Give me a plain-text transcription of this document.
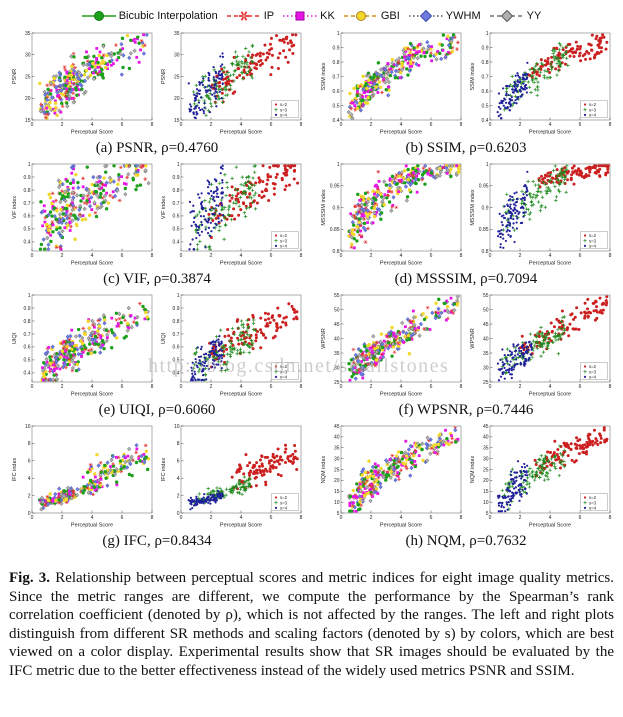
Bicubic Interpolation	IP	KK	GBI	YWHM	YY
(a) PSNR, ρ=0.4760	(b) SSIM, ρ=0.6203
(c) VIF, ρ=0.3874	(d) MSSSIM, ρ=0.7094
(e) UIQI, ρ=0.6060	(f) WPSNR, ρ=0.7446
(g) IFC, ρ=0.8434	(h) NQM, ρ=0.7632
http://blog.csdn.net/smallstones

Fig. 3. Relationship between perceptual scores and metric indices for eight image quality metrics. Since the metric ranges are different, we compute the performance by the Spearman’s rank correlation coefficient (denoted by ρ), which is not affected by the ranges. The left and right plots distinguish from different SR methods and scaling factors (denoted by s) by colors, which are best viewed on a color display. Experimental results show that SR images should be evaluated by the IFC metric due to the better effectiveness instead of the widely used metrics PSNR and SSIM.
